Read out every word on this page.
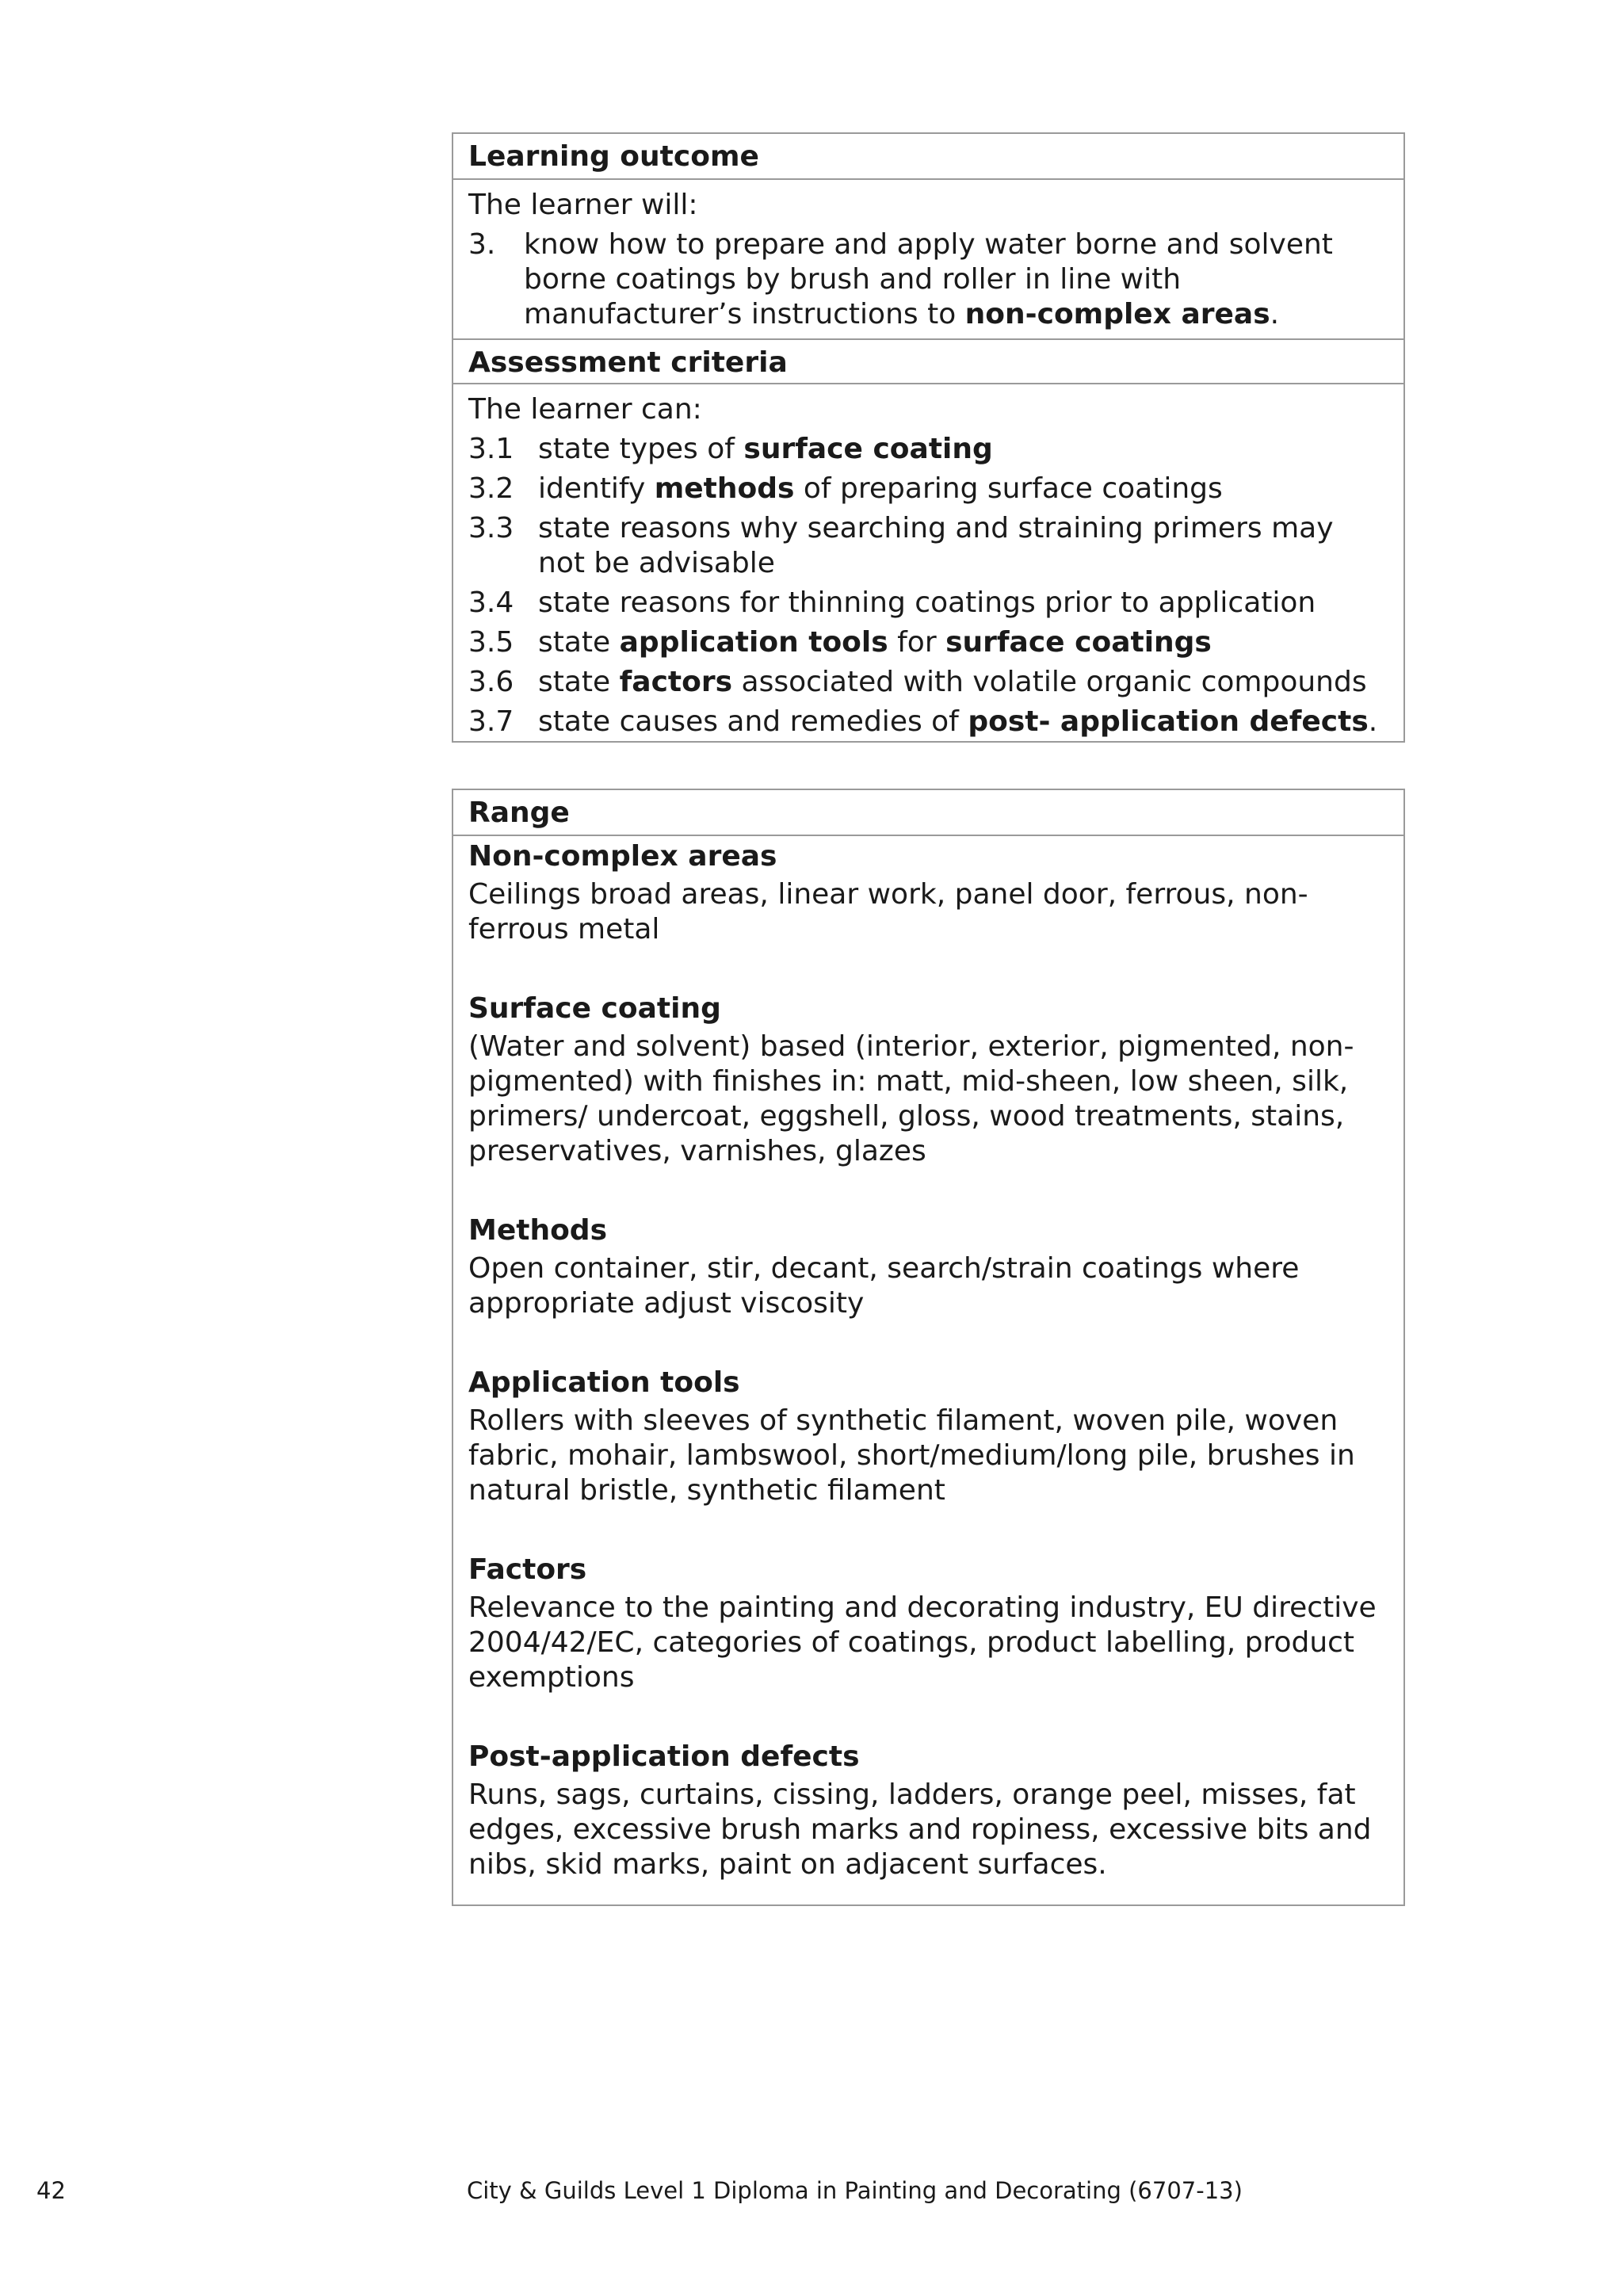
Learning outcome
The learner will:
3. know how to prepare and apply water borne and solvent borne coatings by brush and roller in line with manufacturer’s instructions to non-complex areas.
Assessment criteria
The learner can:
3.1 state types of surface coating
3.2 identify methods of preparing surface coatings
3.3 state reasons why searching and straining primers may not be advisable
3.4 state reasons for thinning coatings prior to application
3.5 state application tools for surface coatings
3.6 state factors associated with volatile organic compounds
3.7 state causes and remedies of post- application defects.
Range
Non-complex areas
Ceilings broad areas, linear work, panel door, ferrous, non-ferrous metal
Surface coating
(Water and solvent) based (interior, exterior, pigmented, non-pigmented) with finishes in: matt, mid-sheen, low sheen, silk, primers/ undercoat, eggshell, gloss, wood treatments, stains, preservatives, varnishes, glazes
Methods
Open container, stir, decant, search/strain coatings where appropriate adjust viscosity
Application tools
Rollers with sleeves of synthetic filament, woven pile, woven fabric, mohair, lambswool, short/medium/long pile, brushes in natural bristle, synthetic filament
Factors
Relevance to the painting and decorating industry, EU directive 2004/42/EC, categories of coatings, product labelling, product exemptions
Post-application defects
Runs, sags, curtains, cissing, ladders, orange peel, misses, fat edges, excessive brush marks and ropiness, excessive bits and nibs, skid marks, paint on adjacent surfaces.
42	City & Guilds Level 1 Diploma in Painting and Decorating (6707-13)
